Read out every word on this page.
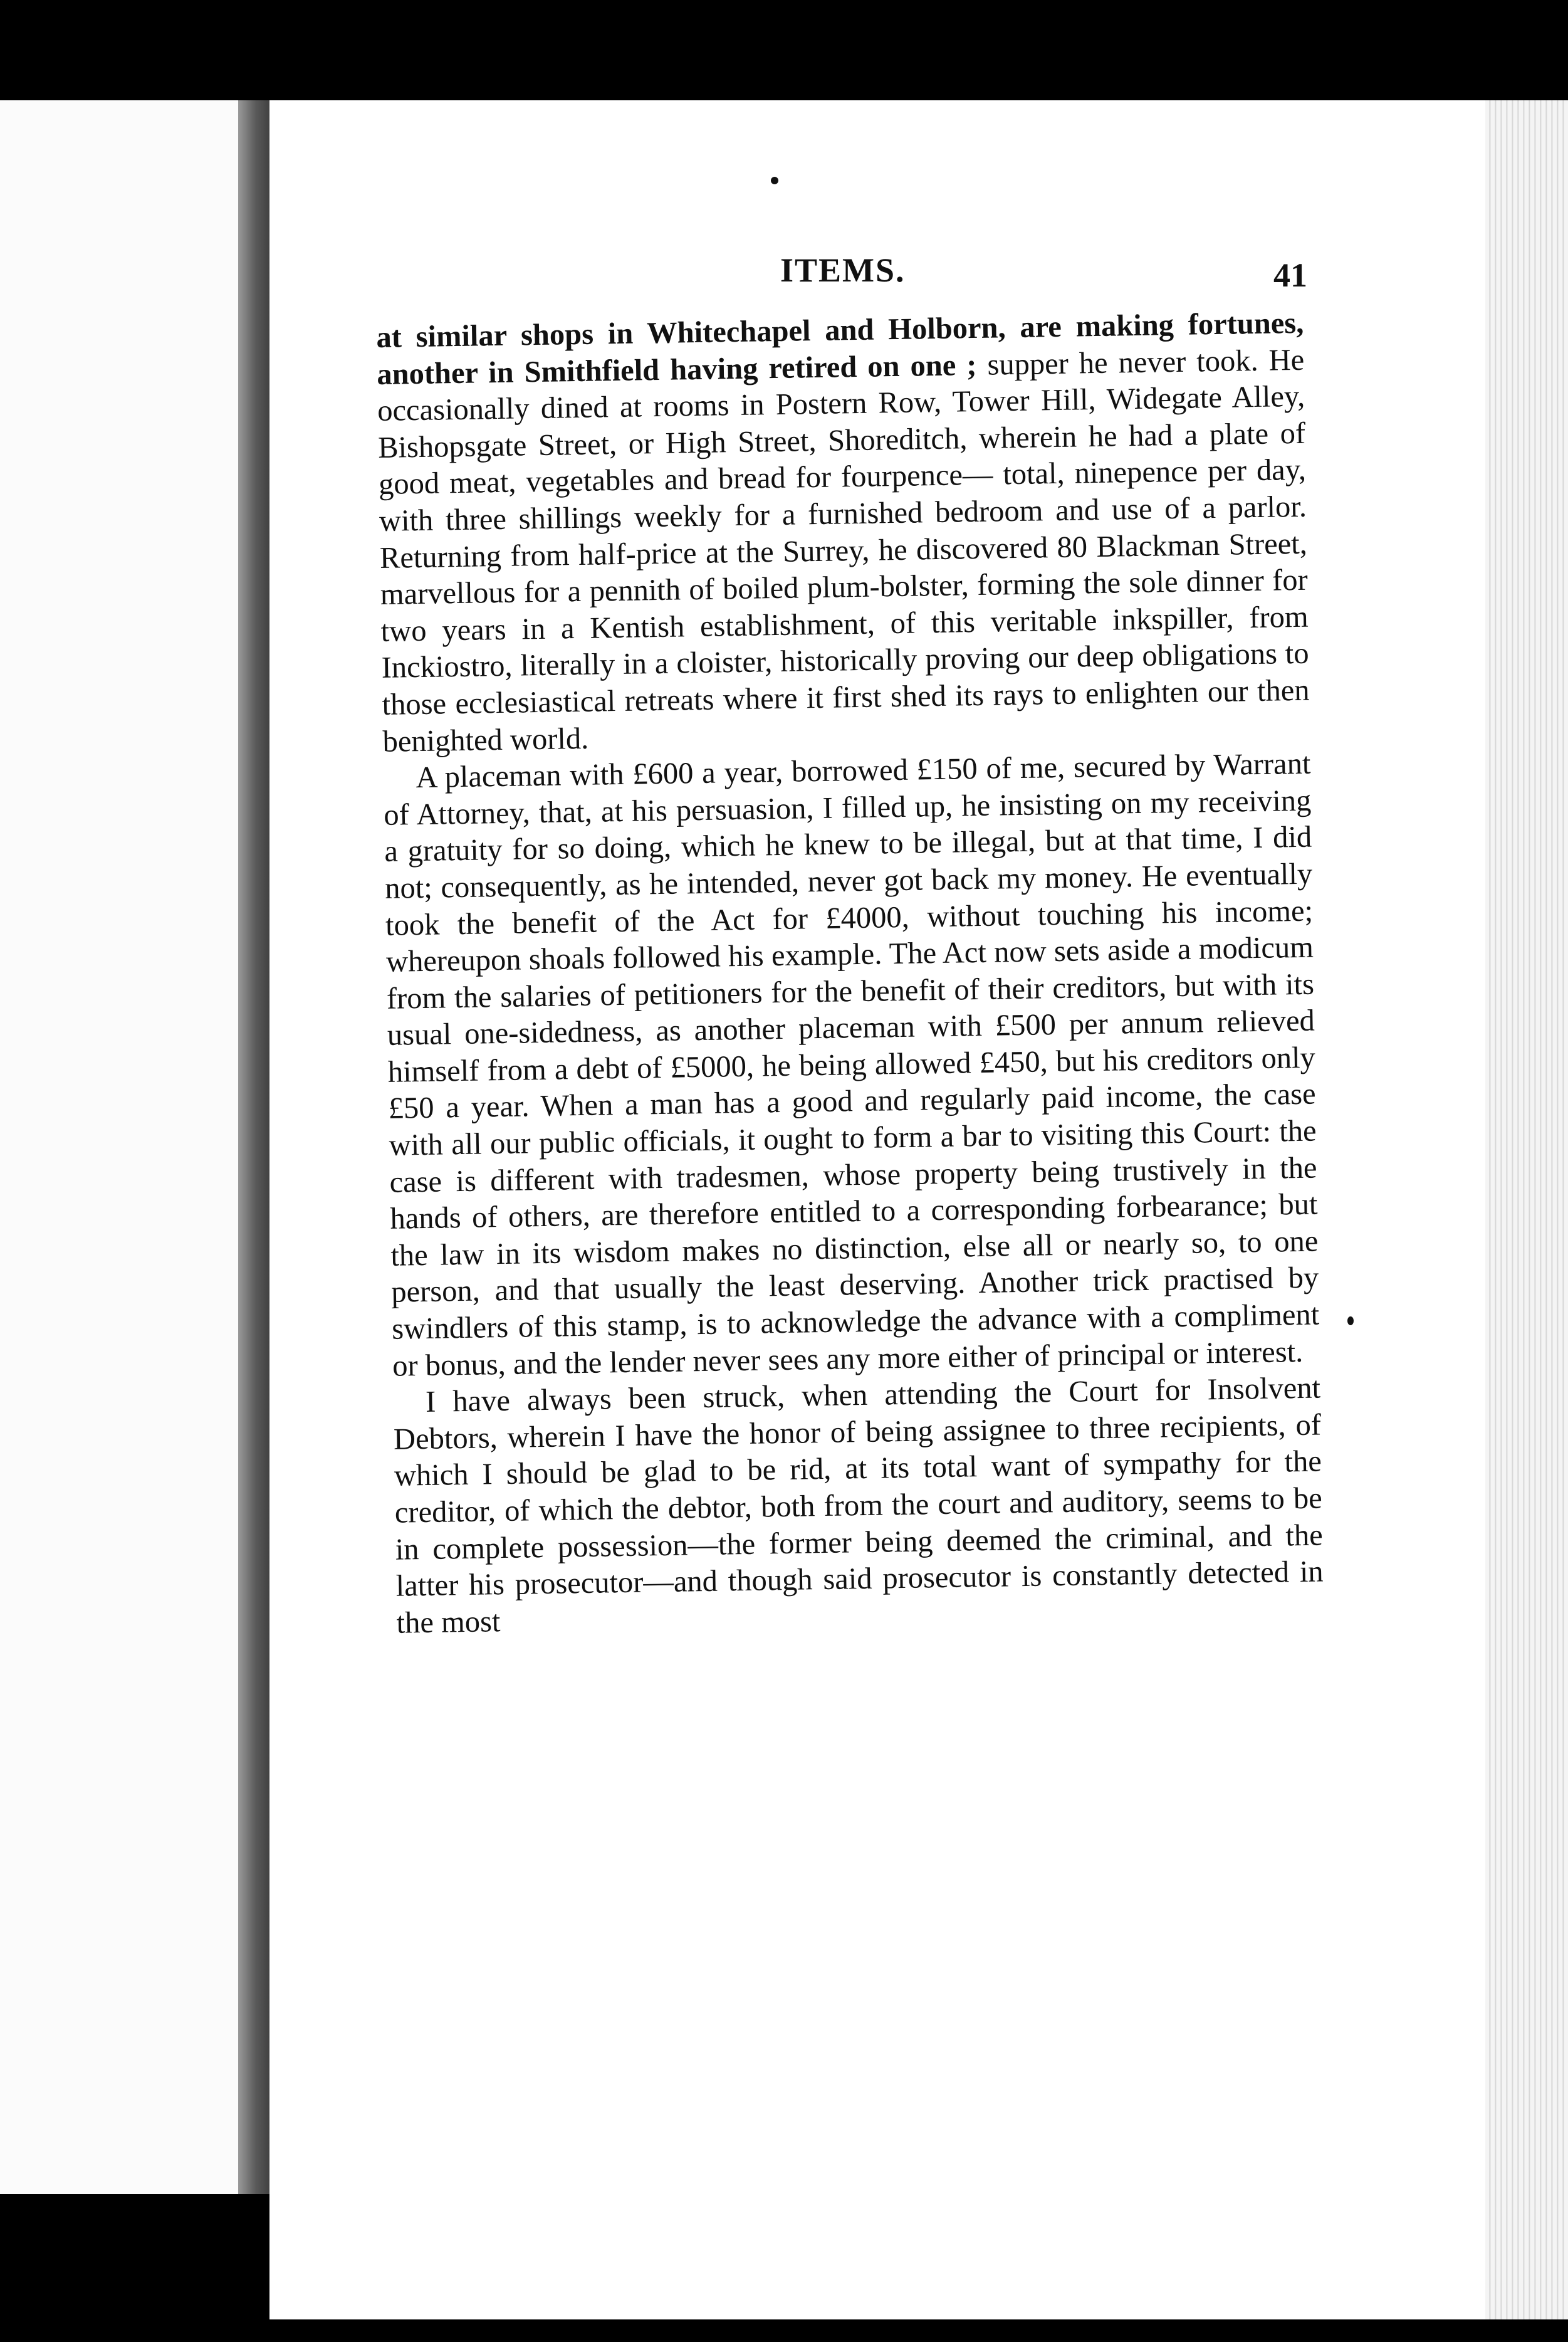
ITEMS.	41

at similar shops in Whitechapel and Holborn, are making fortunes, another in Smithfield having retired on one ; supper he never took. He occasionally dined at rooms in Postern Row, Tower Hill, Widegate Alley, Bishopsgate Street, or High Street, Shoreditch, wherein he had a plate of good meat, vegetables and bread for fourpence— total, ninepence per day, with three shillings weekly for a furnished bedroom and use of a parlor. Returning from half-price at the Surrey, he discovered 80 Blackman Street, marvellous for a pennith of boiled plum-bolster, forming the sole dinner for two years in a Kentish establishment, of this veritable inkspiller, from Inckiostro, literally in a cloister, historically proving our deep obligations to those ecclesiastical retreats where it first shed its rays to enlighten our then benighted world.

A placeman with £600 a year, borrowed £150 of me, secured by Warrant of Attorney, that, at his persuasion, I filled up, he insisting on my receiving a gratuity for so doing, which he knew to be illegal, but at that time, I did not; consequently, as he intended, never got back my money. He eventually took the benefit of the Act for £4000, without touching his income; whereupon shoals followed his example. The Act now sets aside a modicum from the salaries of petitioners for the benefit of their creditors, but with its usual one-sidedness, as another placeman with £500 per annum relieved himself from a debt of £5000, he being allowed £450, but his creditors only £50 a year. When a man has a good and regularly paid income, the case with all our public officials, it ought to form a bar to visiting this Court: the case is different with tradesmen, whose property being trustively in the hands of others, are therefore entitled to a corresponding forbearance; but the law in its wisdom makes no distinction, else all or nearly so, to one person, and that usually the least deserving. Another trick practised by swindlers of this stamp, is to acknowledge the advance with a compliment or bonus, and the lender never sees any more either of principal or interest.

I have always been struck, when attending the Court for Insolvent Debtors, wherein I have the honor of being assignee to three recipients, of which I should be glad to be rid, at its total want of sympathy for the creditor, of which the debtor, both from the court and auditory, seems to be in complete possession—the former being deemed the criminal, and the latter his prosecutor—and though said prosecutor is constantly detected in the most
